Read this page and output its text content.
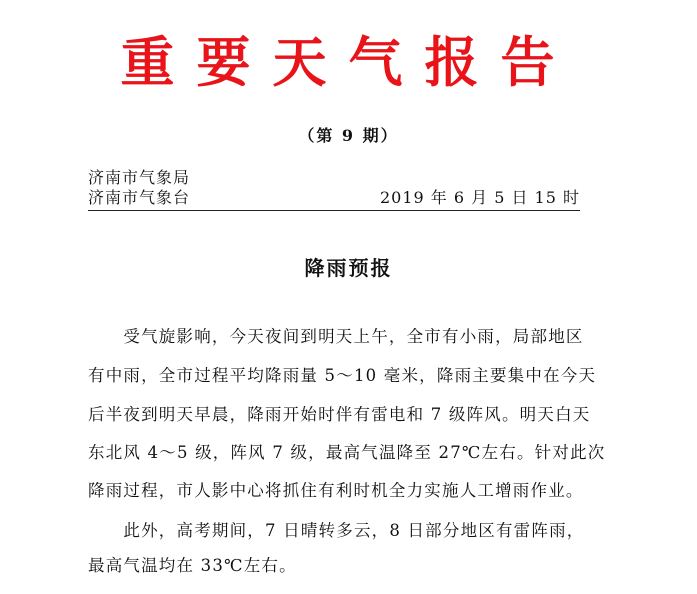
重要天气报告
（第 9 期）
济南市气象局
济南市气象台	2019 年 6 月 5 日 15 时
降雨预报
　　受气旋影响，今天夜间到明天上午，全市有小雨，局部地区
有中雨，全市过程平均降雨量 5～10 毫米，降雨主要集中在今天
后半夜到明天早晨，降雨开始时伴有雷电和 7 级阵风。明天白天
东北风 4～5 级，阵风 7 级，最高气温降至 27℃左右。针对此次
降雨过程，市人影中心将抓住有利时机全力实施人工增雨作业。
　　此外，高考期间，7 日晴转多云，8 日部分地区有雷阵雨，
最高气温均在 33℃左右。
